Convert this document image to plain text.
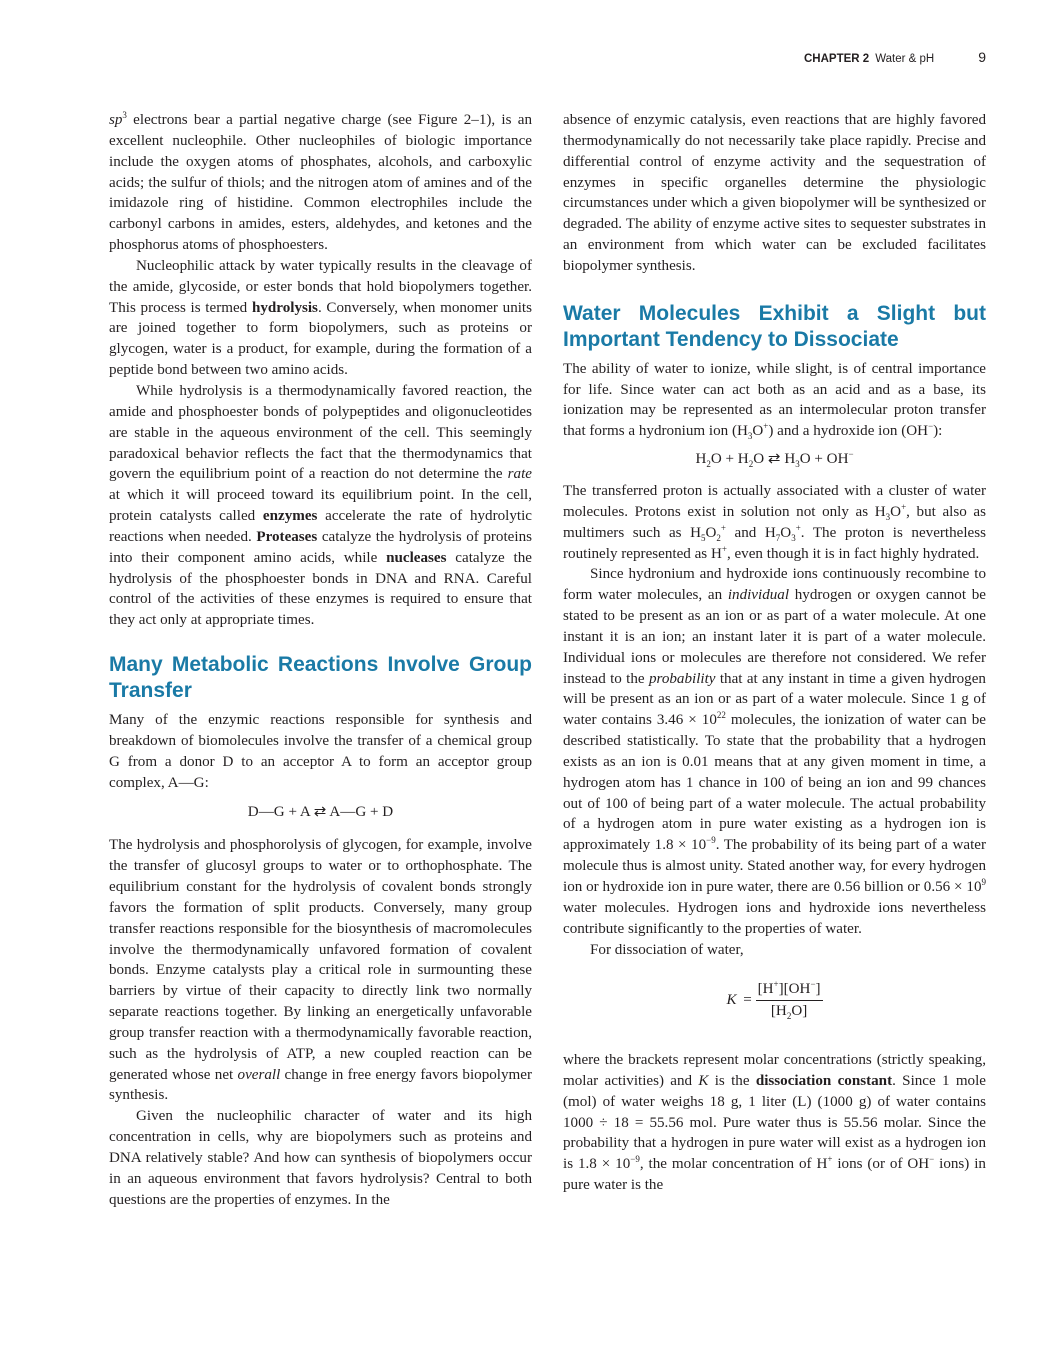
CHAPTER 2 Water & pH	9

$sp^3$ electrons bear a partial negative charge (see Figure 2–1), is an excellent nucleophile. Other nucleophiles of biologic importance include the oxygen atoms of phosphates, alcohols, and carboxylic acids; the sulfur of thiols; and the nitrogen atom of amines and of the imidazole ring of histidine. Common electrophiles include the carbonyl carbons in amides, esters, aldehydes, and ketones and the phosphorus atoms of phosphoesters.

Nucleophilic attack by water typically results in the cleavage of the amide, glycoside, or ester bonds that hold biopolymers together. This process is termed hydrolysis. Conversely, when monomer units are joined together to form biopolymers, such as proteins or glycogen, water is a product, for example, during the formation of a peptide bond between two amino acids.

While hydrolysis is a thermodynamically favored reaction, the amide and phosphoester bonds of polypeptides and oligonucleotides are stable in the aqueous environment of the cell. This seemingly paradoxical behavior reflects the fact that the thermodynamics that govern the equilibrium point of a reaction do not determine the rate at which it will proceed toward its equilibrium point. In the cell, protein catalysts called enzymes accelerate the rate of hydrolytic reactions when needed. Proteases catalyze the hydrolysis of proteins into their component amino acids, while nucleases catalyze the hydrolysis of the phosphoester bonds in DNA and RNA. Careful control of the activities of these enzymes is required to ensure that they act only at appropriate times.

Many Metabolic Reactions Involve Group Transfer

Many of the enzymic reactions responsible for synthesis and breakdown of biomolecules involve the transfer of a chemical group G from a donor D to an acceptor A to form an acceptor group complex, A—G:

D—G + A ⇄ A—G + D

The hydrolysis and phosphorolysis of glycogen, for example, involve the transfer of glucosyl groups to water or to orthophosphate. The equilibrium constant for the hydrolysis of covalent bonds strongly favors the formation of split products. Conversely, many group transfer reactions responsible for the biosynthesis of macromolecules involve the thermodynamically unfavored formation of covalent bonds. Enzyme catalysts play a critical role in surmounting these barriers by virtue of their capacity to directly link two normally separate reactions together. By linking an energetically unfavorable group transfer reaction with a thermodynamically favorable reaction, such as the hydrolysis of ATP, a new coupled reaction can be generated whose net overall change in free energy favors biopolymer synthesis.

Given the nucleophilic character of water and its high concentration in cells, why are biopolymers such as proteins and DNA relatively stable? And how can synthesis of biopolymers occur in an aqueous environment that favors hydrolysis? Central to both questions are the properties of enzymes. In the

absence of enzymic catalysis, even reactions that are highly favored thermodynamically do not necessarily take place rapidly. Precise and differential control of enzyme activity and the sequestration of enzymes in specific organelles determine the physiologic circumstances under which a given biopolymer will be synthesized or degraded. The ability of enzyme active sites to sequester substrates in an environment from which water can be excluded facilitates biopolymer synthesis.

Water Molecules Exhibit a Slight but Important Tendency to Dissociate

The ability of water to ionize, while slight, is of central importance for life. Since water can act both as an acid and as a base, its ionization may be represented as an intermolecular proton transfer that forms a hydronium ion $(H_3O^+)$ and a hydroxide ion (OH−):

$H_2O + H_2O$ ⇄ $H_3O + OH^-$

The transferred proton is actually associated with a cluster of water molecules. Protons exist in solution not only as $H_3O^+$, but also as multimers such as $H_5O_2^+$ and $H_7O_3^+$. The proton is nevertheless routinely represented as H+, even though it is in fact highly hydrated.

Since hydronium and hydroxide ions continuously recombine to form water molecules, an individual hydrogen or oxygen cannot be stated to be present as an ion or as part of a water molecule. At one instant it is an ion; an instant later it is part of a water molecule. Individual ions or molecules are therefore not considered. We refer instead to the probability that at any instant in time a given hydrogen will be present as an ion or as part of a water molecule. Since 1 g of water contains $3.46 \times 10^{22}$ molecules, the ionization of water can be described statistically. To state that the probability that a hydrogen exists as an ion is 0.01 means that at any given moment in time, a hydrogen atom has 1 chance in 100 of being an ion and 99 chances out of 100 of being part of a water molecule. The actual probability of a hydrogen atom in pure water existing as a hydrogen ion is approximately $1.8 \times 10^{-9}$. The probability of its being part of a water molecule thus is almost unity. Stated another way, for every hydrogen ion or hydroxide ion in pure water, there are 0.56 billion or $0.56 \times 10^9$ water molecules. Hydrogen ions and hydroxide ions nevertheless contribute significantly to the properties of water.

For dissociation of water,

$K = \frac{[H^+][OH^-]}{[H_2O]}$

where the brackets represent molar concentrations (strictly speaking, molar activities) and K is the dissociation constant. Since 1 mole (mol) of water weighs 18 g, 1 liter (L) (1000 g) of water contains 1000 ÷ 18 = 55.56 mol. Pure water thus is 55.56 molar. Since the probability that a hydrogen in pure water will exist as a hydrogen ion is $1.8 \times 10^{-9}$, the molar concentration of H+ ions (or of OH− ions) in pure water is the
